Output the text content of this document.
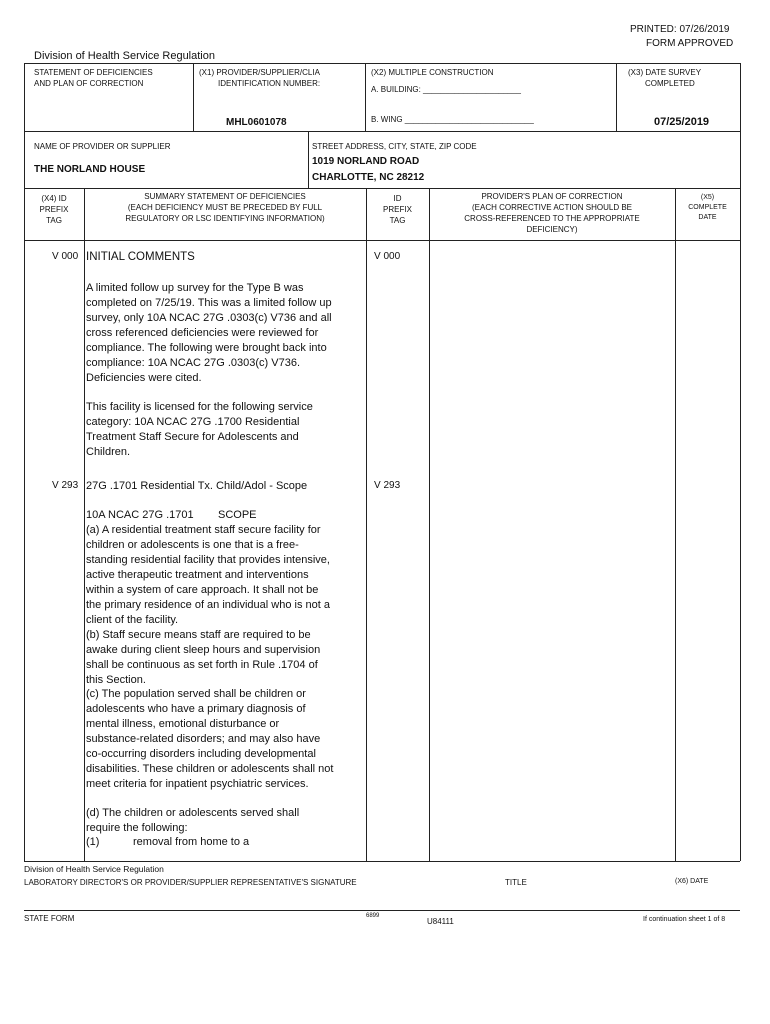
PRINTED: 07/26/2019
FORM APPROVED
Division of Health Service Regulation
STATEMENT OF DEFICIENCIES
AND PLAN OF CORRECTION
(X1) PROVIDER/SUPPLIER/CLIA
IDENTIFICATION NUMBER:
MHL0601078
(X2) MULTIPLE CONSTRUCTION
A. BUILDING: ______________________
B. WING _____________________________
(X3) DATE SURVEY
COMPLETED
07/25/2019
NAME OF PROVIDER OR SUPPLIER
THE NORLAND HOUSE
STREET ADDRESS, CITY, STATE, ZIP CODE
1019 NORLAND ROAD
CHARLOTTE, NC 28212
(X4) ID
PREFIX
TAG
SUMMARY STATEMENT OF DEFICIENCIES
(EACH DEFICIENCY MUST BE PRECEDED BY FULL
REGULATORY OR LSC IDENTIFYING INFORMATION)
ID
PREFIX
TAG
PROVIDER'S PLAN OF CORRECTION
(EACH CORRECTIVE ACTION SHOULD BE
CROSS-REFERENCED TO THE APPROPRIATE
DEFICIENCY)
(X5)
COMPLETE
DATE
V 000 INITIAL COMMENTS	V 000
A limited follow up survey for the Type B was completed on 7/25/19. This was a limited follow up survey, only 10A NCAC 27G .0303(c) V736 and all cross referenced deficiencies were reviewed for compliance. The following were brought back into compliance: 10A NCAC 27G .0303(c) V736. Deficiencies were cited.
This facility is licensed for the following service category: 10A NCAC 27G .1700 Residential Treatment Staff Secure for Adolescents and Children.
V 293 27G .1701 Residential Tx. Child/Adol - Scope	V 293
10A NCAC 27G .1701 SCOPE
(a) A residential treatment staff secure facility for children or adolescents is one that is a free-standing residential facility that provides intensive, active therapeutic treatment and interventions within a system of care approach. It shall not be the primary residence of an individual who is not a client of the facility.
(b) Staff secure means staff are required to be awake during client sleep hours and supervision shall be continuous as set forth in Rule .1704 of this Section.
(c) The population served shall be children or adolescents who have a primary diagnosis of mental illness, emotional disturbance or substance-related disorders; and may also have co-occurring disorders including developmental disabilities. These children or adolescents shall not meet criteria for inpatient psychiatric services.
(d) The children or adolescents served shall require the following:
(1)	removal from home to a
Division of Health Service Regulation
LABORATORY DIRECTOR'S OR PROVIDER/SUPPLIER REPRESENTATIVE'S SIGNATURE	TITLE	(X6) DATE
STATE FORM	6899
U84111	If continuation sheet 1 of 8
